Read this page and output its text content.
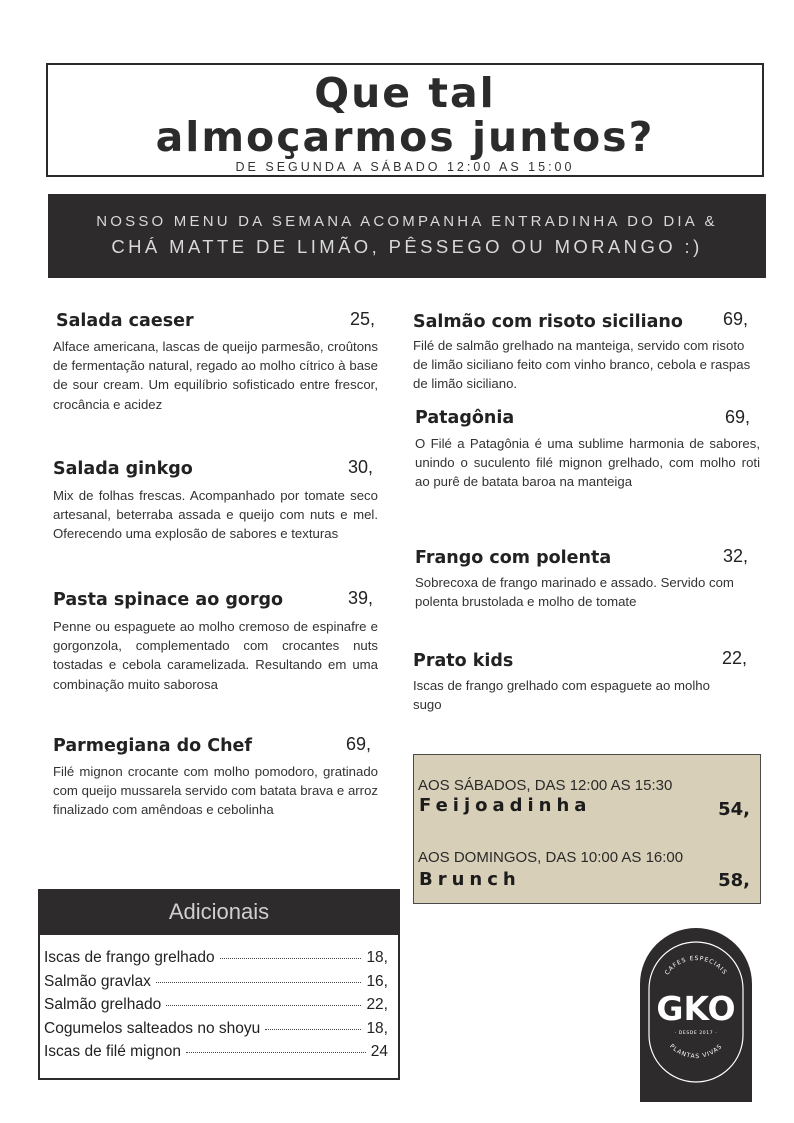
Que tal
almoçarmos juntos?
DE SEGUNDA A SÁBADO 12:00 AS 15:00
NOSSO MENU DA SEMANA ACOMPANHA ENTRADINHA DO DIA &
CHÁ MATTE DE LIMÃO, PÊSSEGO OU MORANGO :)
Salada caeser	25,
Alface americana, lascas de queijo parmesão, croûtons de fermentação natural, regado ao molho cítrico à base de sour cream. Um equilíbrio sofisticado entre frescor, crocância e acidez
Salada ginkgo	30,
Mix de folhas frescas. Acompanhado por tomate seco artesanal, beterraba assada e queijo com nuts e mel. Oferecendo uma explosão de sabores e texturas
Pasta spinace ao gorgo	39,
Penne ou espaguete ao molho cremoso de espinafre e gorgonzola, complementado com crocantes nuts tostadas e cebola caramelizada. Resultando em uma combinação muito saborosa
Parmegiana do Chef	69,
Filé mignon crocante com molho pomodoro, gratinado com queijo mussarela servido com batata brava e arroz finalizado com amêndoas e cebolinha
Salmão com risoto siciliano 69,
Filé de salmão grelhado na manteiga, servido com risoto de limão siciliano feito com vinho branco, cebola e raspas de limão siciliano.
Patagônia	69,
O Filé a Patagônia é uma sublime harmonia de sabores, unindo o suculento filé mignon grelhado, com molho roti ao purê de batata baroa na manteiga
Frango com polenta	32,
Sobrecoxa de frango marinado e assado. Servido com polenta brustolada e molho de tomate
Prato kids	22,
Iscas de frango grelhado com espaguete ao molho sugo
AOS SÁBADOS, DAS 12:00 AS 15:30
Feijoadinha	54,
AOS DOMINGOS, DAS 10:00 AS 16:00
Brunch	58,
Adicionais
Iscas de frango grelhado	18,
Salmão gravlax	16,
Salmão grelhado	22,
Cogumelos salteados no shoyu	18,
Iscas de filé mignon	24
CAFES ESPECIAIS
GKO
· DESDE 2017 ·
PLANTAS VIVAS
